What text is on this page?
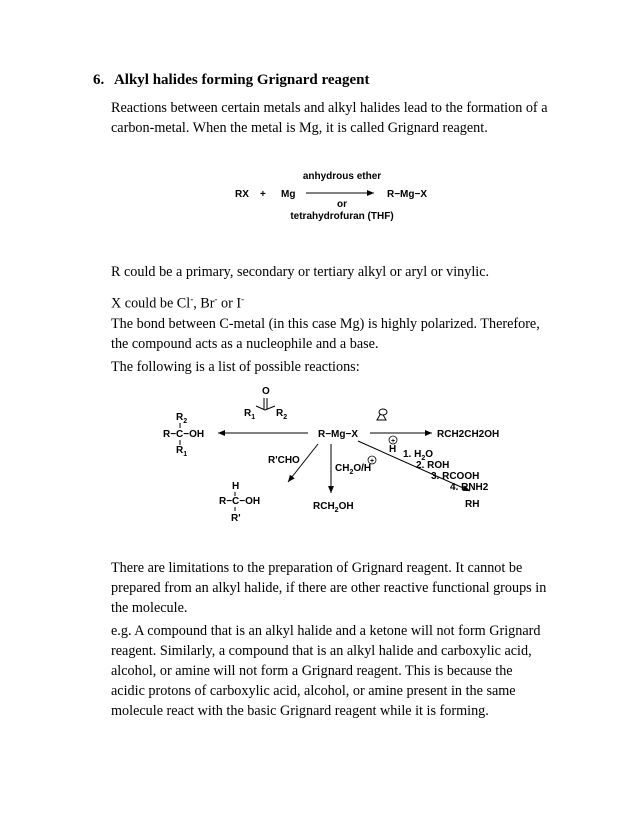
6. Alkyl halides forming Grignard reagent
Reactions between certain metals and alkyl halides lead to the formation of a
carbon-metal. When the metal is Mg, it is called Grignard reagent.
RX + Mg
anhydrous ether
or
tetrahydrofuran (THF)
R−Mg−X
R−Mg−X
O
$R_1$ $R_2$
$R_2$
R−C−OH
$R_1$	H
+
RCH2CH2OH
R'CHO
H
R−C−OH
R'
$CH_2O/H$
+
$RCH_2OH$
1. $H_2O$
2. ROH
3. RCOOH
4. RNH2
RH
R could be a primary, secondary or tertiary alkyl or aryl or vinylic.
X could be Cl-, Br- or I-
The bond between C-metal (in this case Mg) is highly polarized. Therefore,
the compound acts as a nucleophile and a base.
The following is a list of possible reactions:
There are limitations to the preparation of Grignard reagent. It cannot be
prepared from an alkyl halide, if there are other reactive functional groups in
the molecule.
e.g. A compound that is an alkyl halide and a ketone will not form Grignard
reagent. Similarly, a compound that is an alkyl halide and carboxylic acid,
alcohol, or amine will not form a Grignard reagent. This is because the
acidic protons of carboxylic acid, alcohol, or amine present in the same
molecule react with the basic Grignard reagent while it is forming.
